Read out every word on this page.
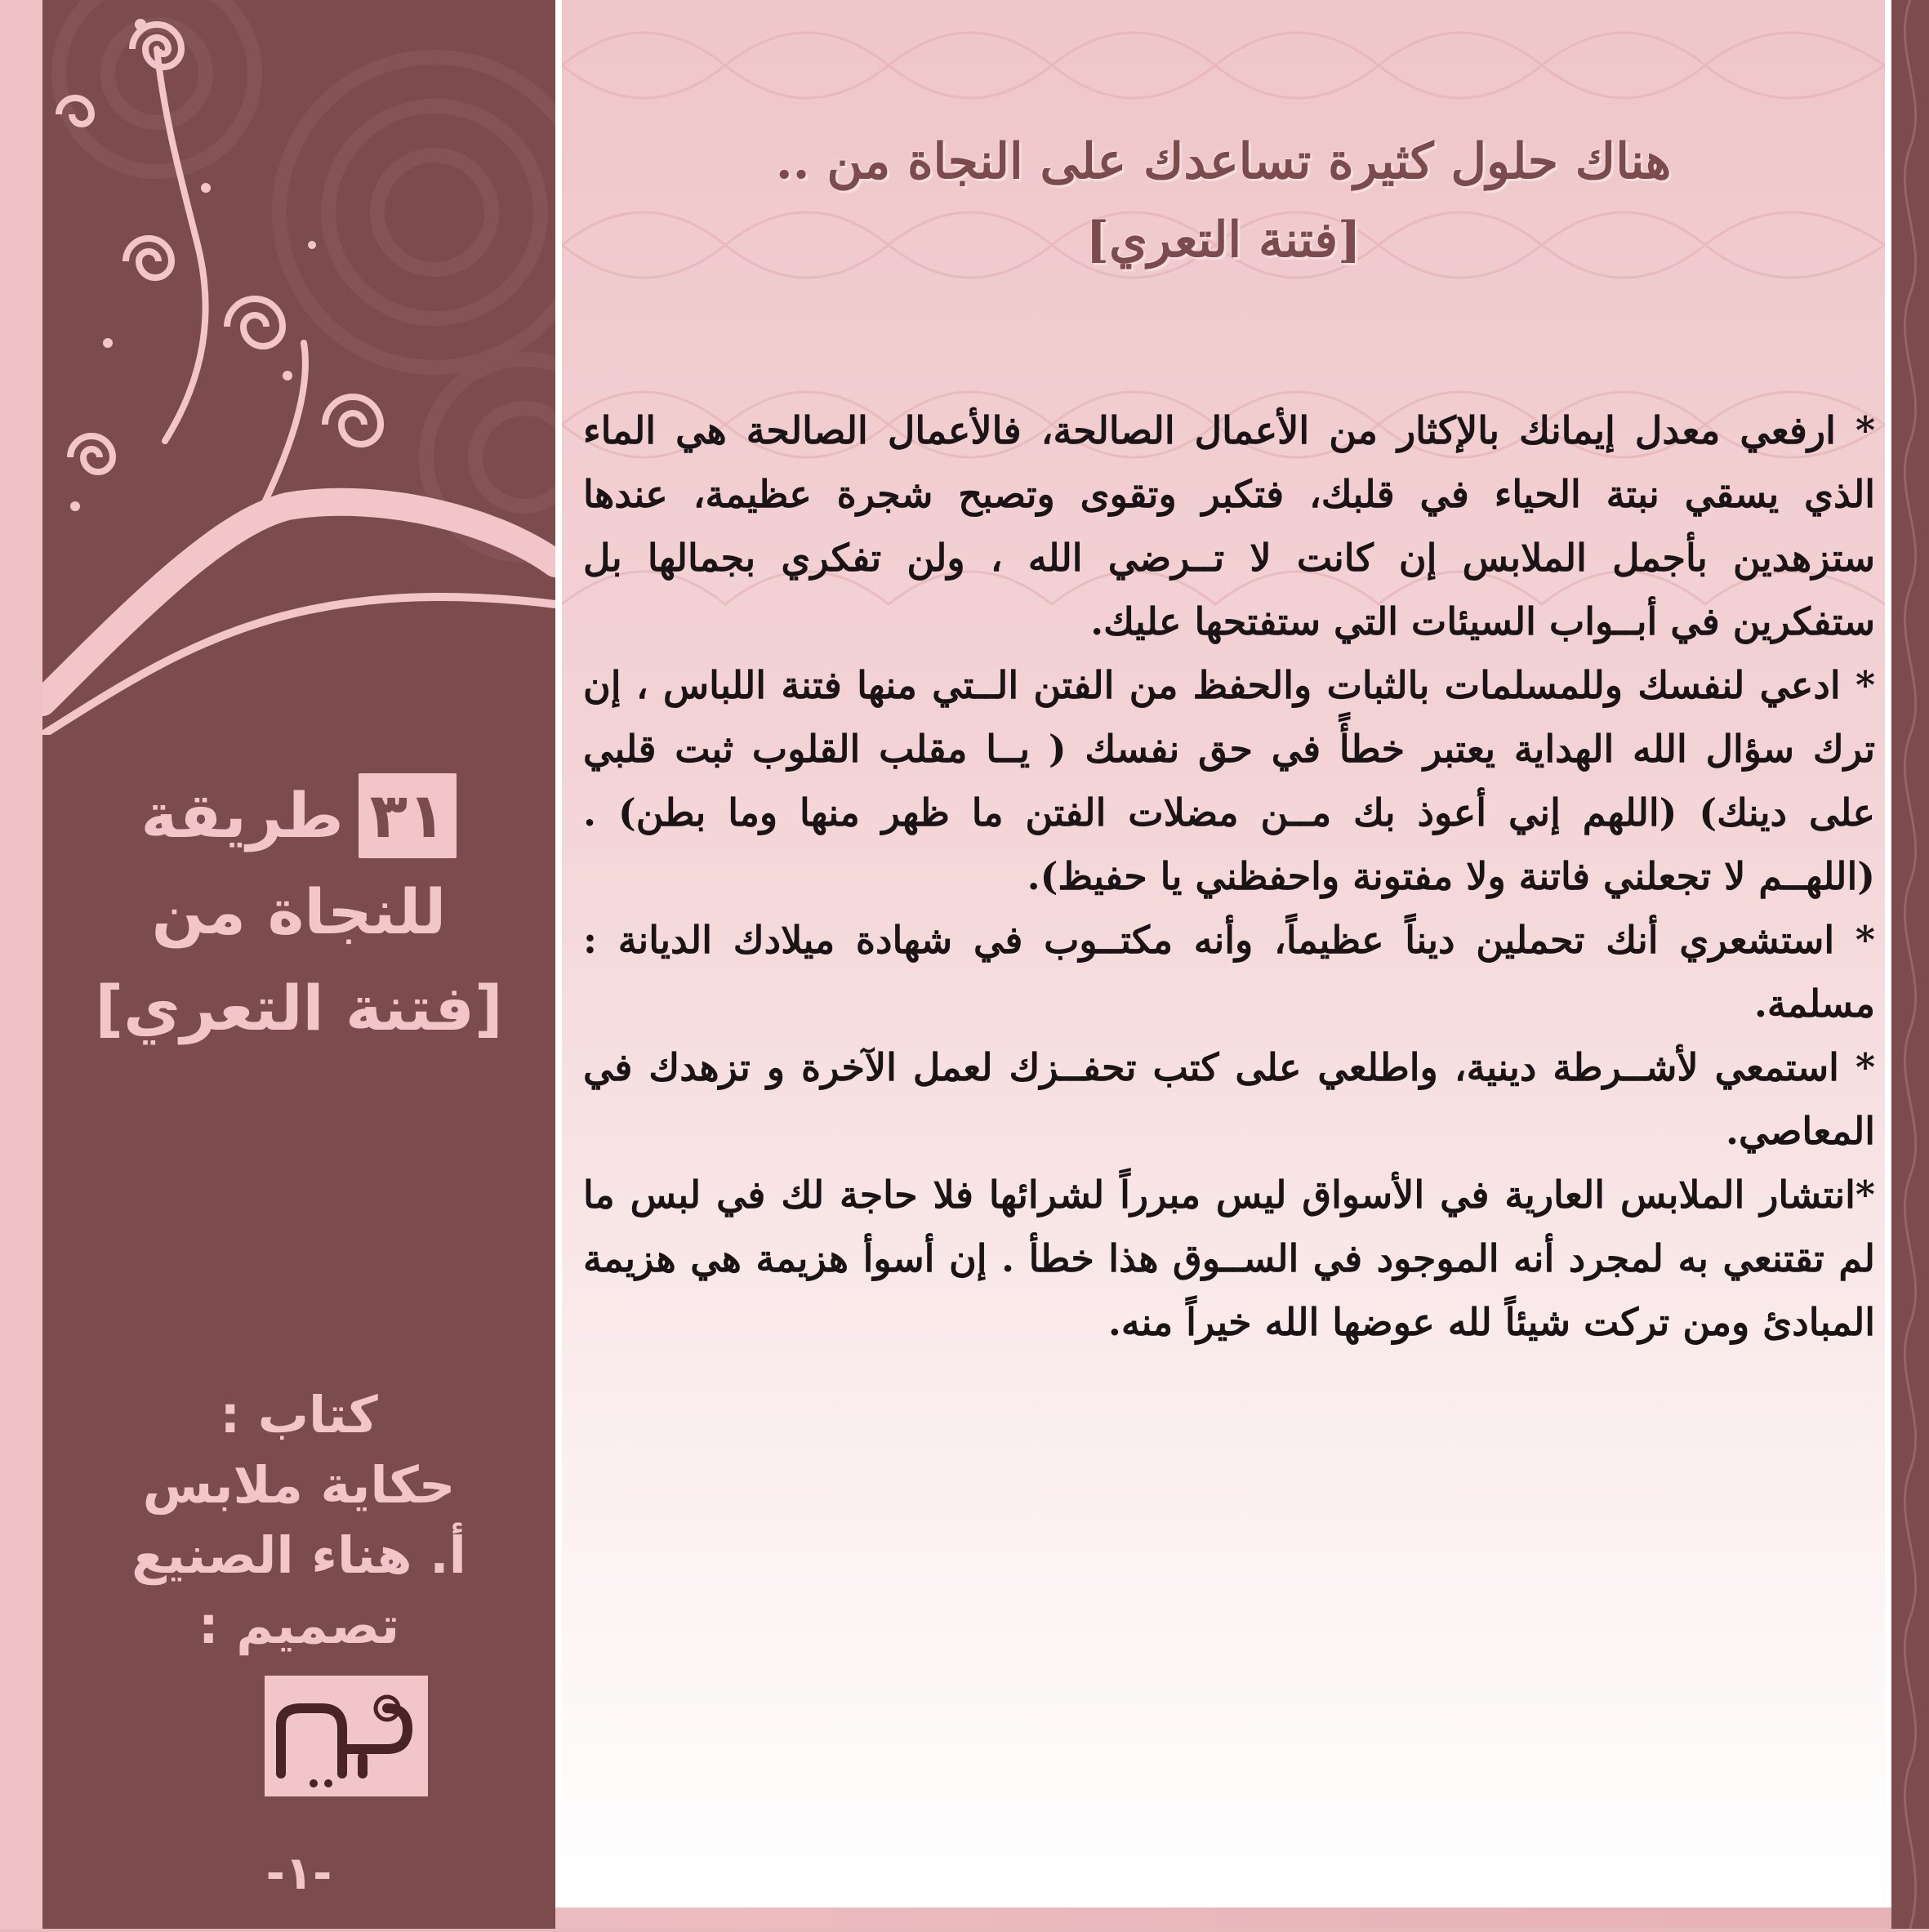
٣١طريقة
للنجاة من
[فتنة التعري]
كتاب :
حكاية ملابس
أ. هناء الصنيع
تصميم :
-١-
هناك حلول كثيرة تساعدك على النجاة من ..
[فتنة التعري]

* ارفعي معدل إيمانك بالإكثار من الأعمال الصالحة، فالأعمال الصالحة هي الماء الذي يسقي نبتة الحياء في قلبك، فتكبر وتقوى وتصبح شجرة عظيمة، عندها ستزهدين بأجمل الملابس إن كانت لا تــرضي الله ، ولن تفكري بجمالها بل ستفكرين في أبــواب السيئات التي ستفتحها عليك.

* ادعي لنفسك وللمسلمات بالثبات والحفظ من الفتن الــتي منها فتنة اللباس ، إن ترك سؤال الله الهداية يعتبر خطأً في حق نفسك ( يــا مقلب القلوب ثبت قلبي على دينك) (اللهم إني أعوذ بك مــن مضلات الفتن ما ظهر منها وما بطن) . (اللهــم لا تجعلني فاتنة ولا مفتونة واحفظني يا حفيظ).

* استشعري أنك تحملين ديناً عظيماً، وأنه مكتــوب في شهادة ميلادك الديانة : مسلمة.

* استمعي لأشــرطة دينية، واطلعي على كتب تحفــزك لعمل الآخرة و تزهدك في المعاصي.

*انتشار الملابس العارية في الأسواق ليس مبرراً لشرائها فلا حاجة لك في لبس ما لم تقتنعي به لمجرد أنه الموجود في الســوق هذا خطأ . إن أسوأ هزيمة هي هزيمة المبادئ ومن تركت شيئاً لله عوضها الله خيراً منه.
